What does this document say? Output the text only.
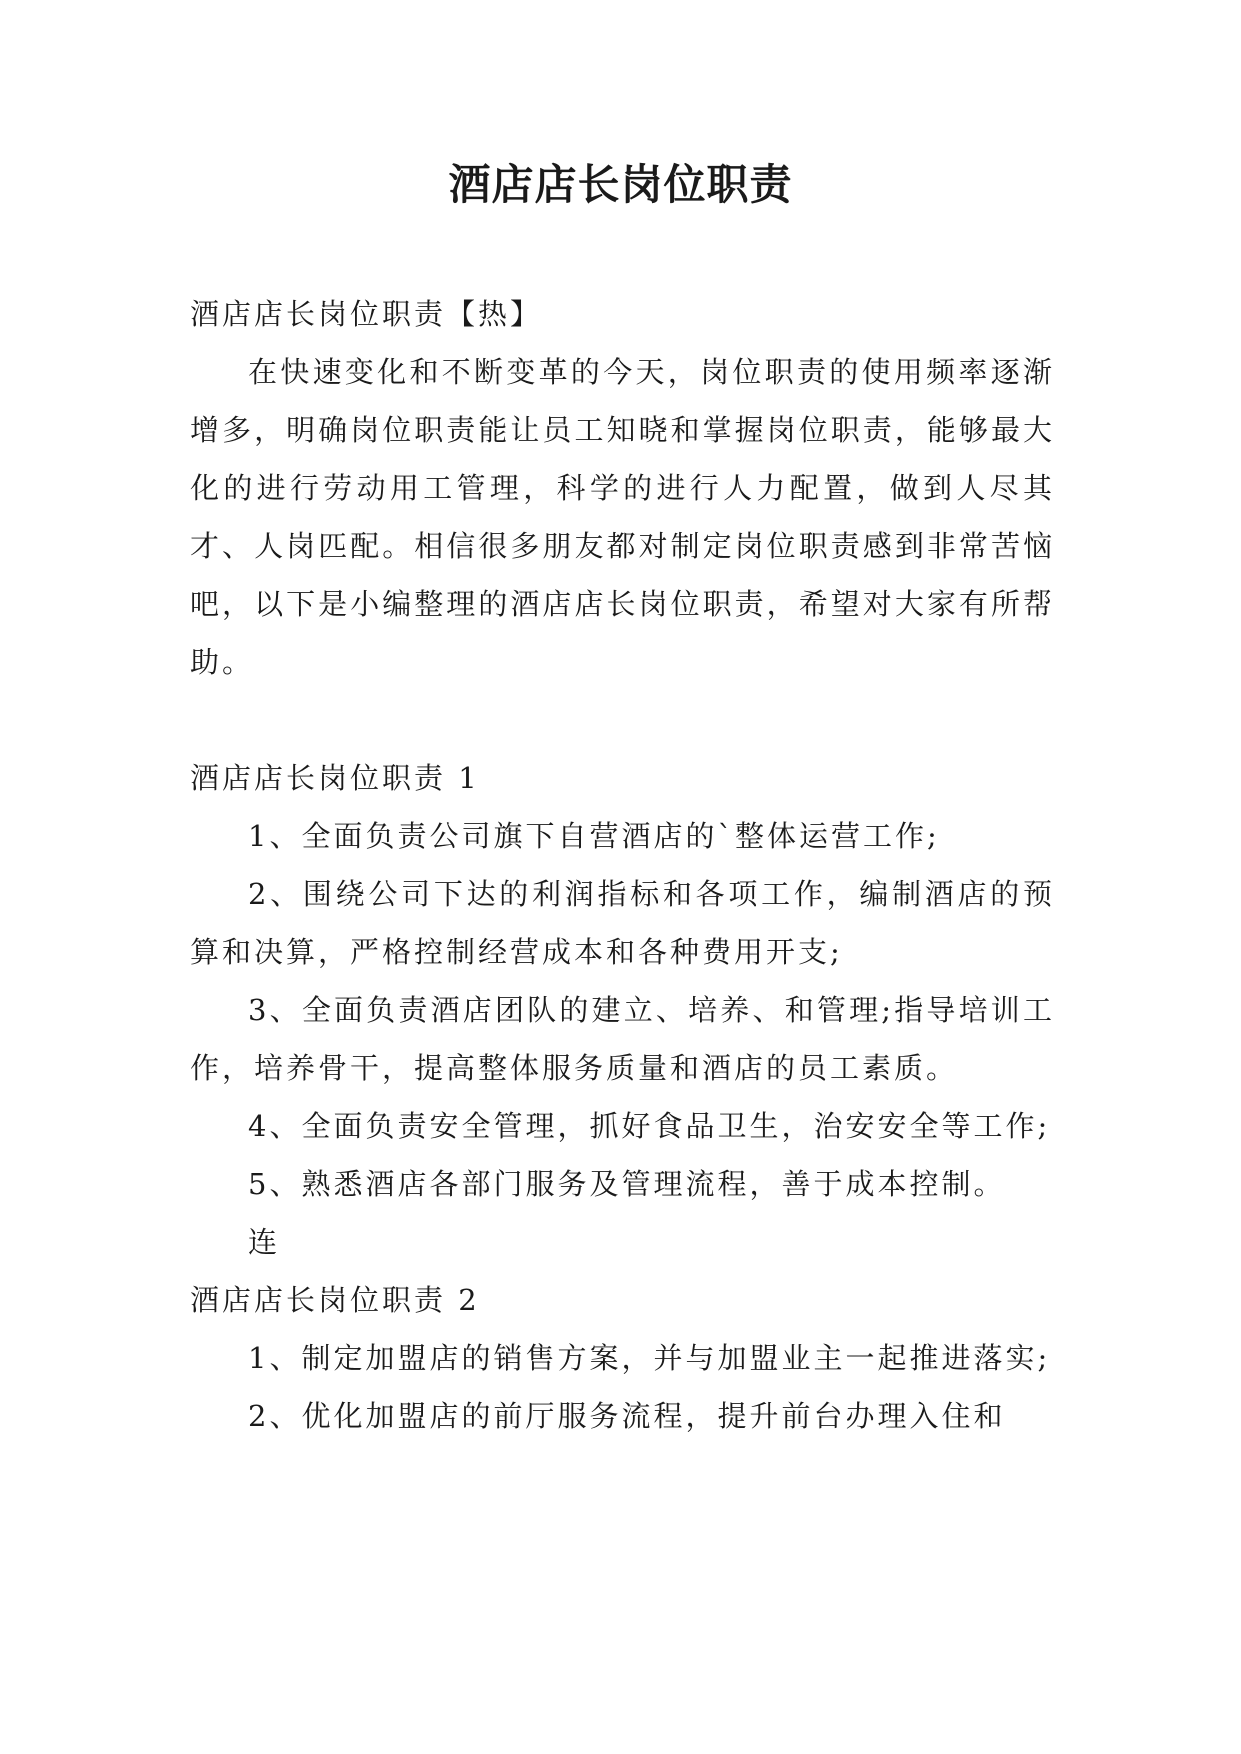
酒店店长岗位职责

酒店店长岗位职责【热】

在快速变化和不断变革的今天，岗位职责的使用频率逐渐增多，明确岗位职责能让员工知晓和掌握岗位职责，能够最大化的进行劳动用工管理，科学的进行人力配置，做到人尽其才、人岗匹配。相信很多朋友都对制定岗位职责感到非常苦恼吧，以下是小编整理的酒店店长岗位职责，希望对大家有所帮助。

酒店店长岗位职责 1

1、全面负责公司旗下自营酒店的`整体运营工作;

2、围绕公司下达的利润指标和各项工作，编制酒店的预算和决算，严格控制经营成本和各种费用开支;

3、全面负责酒店团队的建立、培养、和管理;指导培训工作，培养骨干，提高整体服务质量和酒店的员工素质。

4、全面负责安全管理，抓好食品卫生，治安安全等工作;

5、熟悉酒店各部门服务及管理流程，善于成本控制。

连

酒店店长岗位职责 2

1、制定加盟店的销售方案，并与加盟业主一起推进落实;

2、优化加盟店的前厅服务流程，提升前台办理入住和
